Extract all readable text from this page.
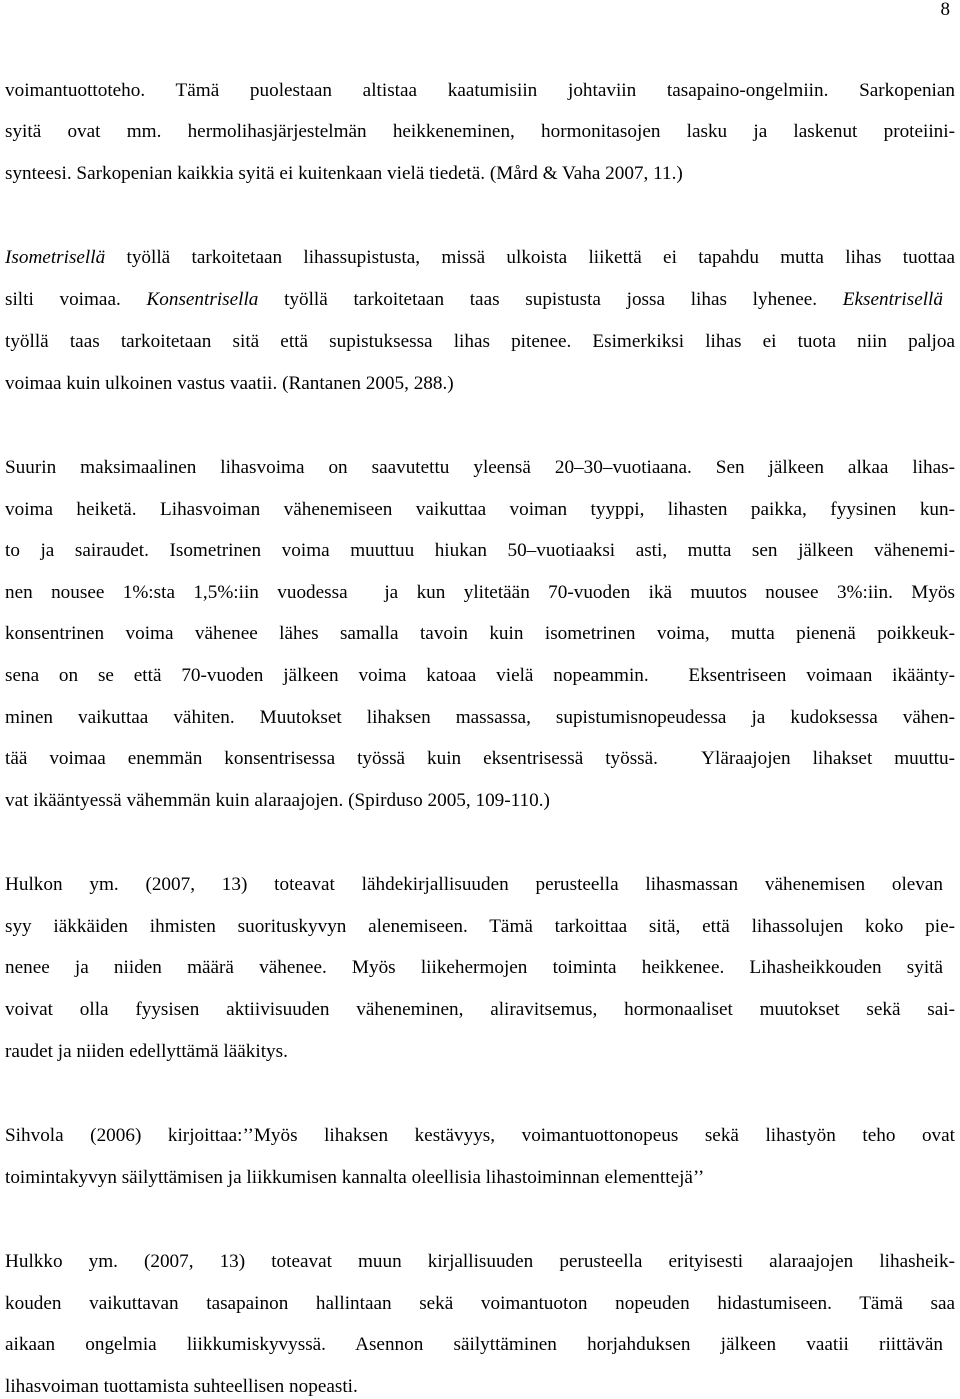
8

voimantuottoteho. Tämä puolestaan altistaa kaatumisiin johtaviin tasapaino-ongelmiin. Sarkopenian

syitä ovat mm. hermolihasjärjestelmän heikkeneminen, hormonitasojen lasku ja laskenut proteiini-

synteesi. Sarkopenian kaikkia syitä ei kuitenkaan vielä tiedetä. (Mård & Vaha 2007, 11.)

Isometrisellä työllä tarkoitetaan lihassupistusta, missä ulkoista liikettä ei tapahdu mutta lihas tuottaa

silti voimaa. Konsentrisella työllä tarkoitetaan taas supistusta jossa lihas lyhenee. Eksentrisellä

työllä taas tarkoitetaan sitä että supistuksessa lihas pitenee. Esimerkiksi lihas ei tuota niin paljoa

voimaa kuin ulkoinen vastus vaatii. (Rantanen 2005, 288.)

Suurin maksimaalinen lihasvoima on saavutettu yleensä 20–30–vuotiaana. Sen jälkeen alkaa lihas-

voima heiketä. Lihasvoiman vähenemiseen vaikuttaa voiman tyyppi, lihasten paikka, fyysinen kun-

to ja sairaudet. Isometrinen voima muuttuu hiukan 50–vuotiaaksi asti, mutta sen jälkeen vähenemi-

nen nousee 1%:sta 1,5%:iin vuodessa  ja kun ylitetään 70-vuoden ikä muutos nousee 3%:iin. Myös

konsentrinen voima vähenee lähes samalla tavoin kuin isometrinen voima, mutta pienenä poikkeuk-

sena on se että 70-vuoden jälkeen voima katoaa vielä nopeammin.  Eksentriseen voimaan ikäänty-

minen vaikuttaa vähiten. Muutokset lihaksen massassa, supistumisnopeudessa ja kudoksessa vähen-

tää voimaa enemmän konsentrisessa työssä kuin eksentrisessä työssä.  Yläraajojen lihakset muuttu-

vat ikääntyessä vähemmän kuin alaraajojen. (Spirduso 2005, 109-110.)

Hulkon ym. (2007, 13) toteavat lähdekirjallisuuden perusteella lihasmassan vähenemisen olevan

syy iäkkäiden ihmisten suorituskyvyn alenemiseen. Tämä tarkoittaa sitä, että lihassolujen koko pie-

nenee ja niiden määrä vähenee. Myös liikehermojen toiminta heikkenee. Lihasheikkouden syitä

voivat olla fyysisen aktiivisuuden väheneminen, aliravitsemus, hormonaaliset muutokset sekä sai-

raudet ja niiden edellyttämä lääkitys.

Sihvola (2006) kirjoittaa:’’Myös lihaksen kestävyys, voimantuottonopeus sekä lihastyön teho ovat

toimintakyvyn säilyttämisen ja liikkumisen kannalta oleellisia lihastoiminnan elementtejä’’

Hulkko ym. (2007, 13) toteavat muun kirjallisuuden perusteella erityisesti alaraajojen lihasheik-

kouden vaikuttavan tasapainon hallintaan sekä voimantuoton nopeuden hidastumiseen. Tämä saa

aikaan ongelmia liikkumiskyvyssä. Asennon säilyttäminen horjahduksen jälkeen vaatii riittävän

lihasvoiman tuottamista suhteellisen nopeasti.
